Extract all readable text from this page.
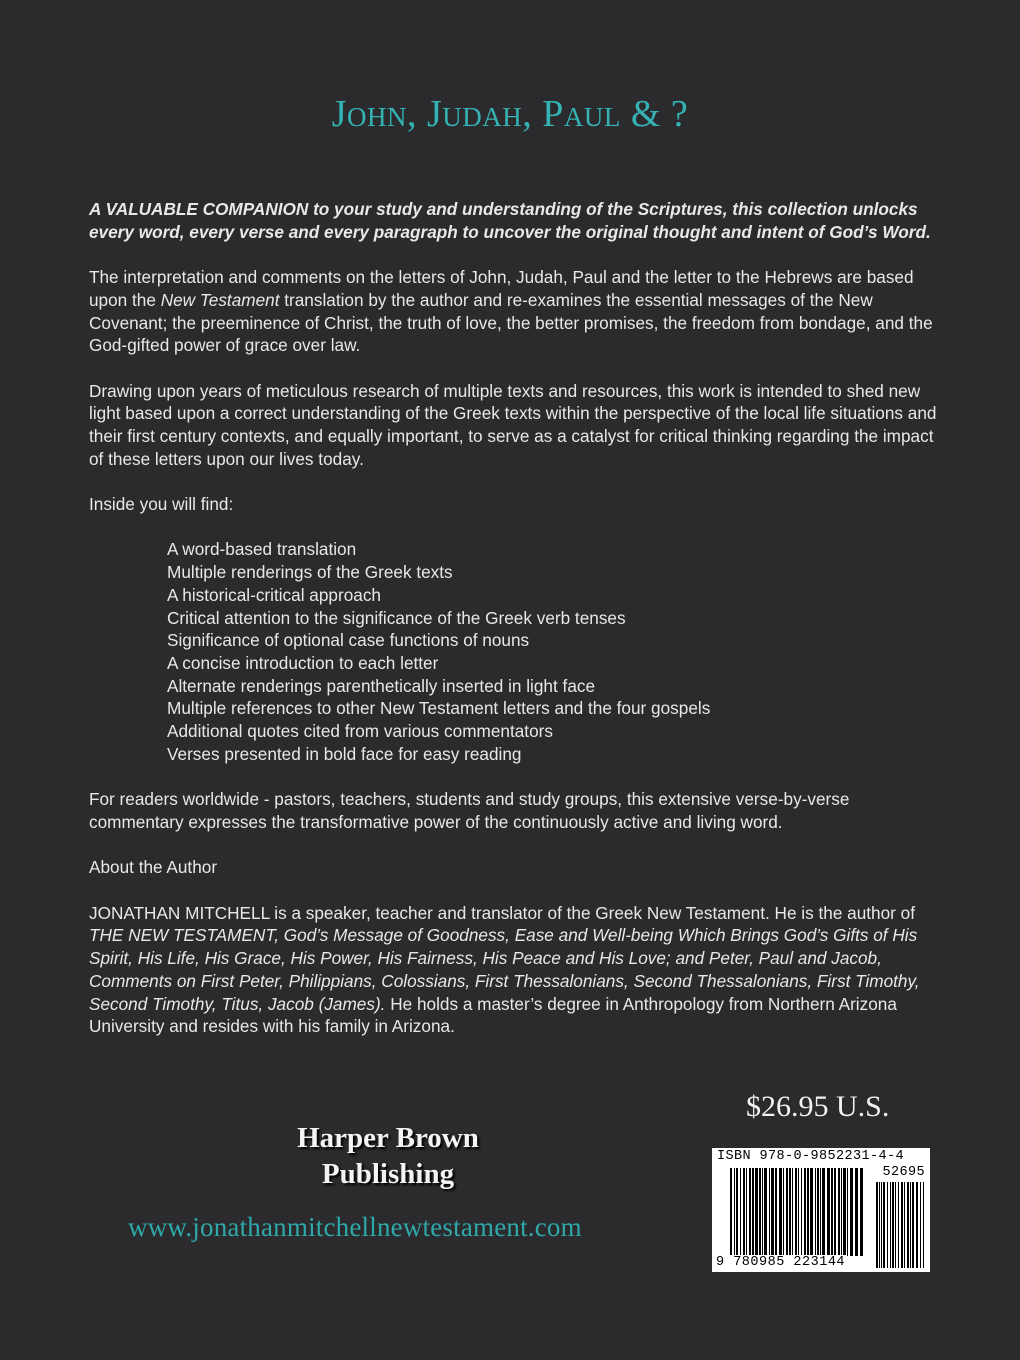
John, Judah, Paul & ?

A VALUABLE COMPANION to your study and understanding of the Scriptures, this collection unlocks every word, every verse and every paragraph to uncover the original thought and intent of God’s Word.

The interpretation and comments on the letters of John, Judah, Paul and the letter to the Hebrews are based upon the New Testament translation by the author and re-examines the essential messages of the New Covenant; the preeminence of Christ, the truth of love, the better promises, the freedom from bondage, and the God-gifted power of grace over law.

Drawing upon years of meticulous research of multiple texts and resources, this work is intended to shed new light based upon a correct understanding of the Greek texts within the perspective of the local life situations and their first century contexts, and equally important, to serve as a catalyst for critical thinking regarding the impact of these letters upon our lives today.

Inside you will find:

A word-based translation
Multiple renderings of the Greek texts
A historical-critical approach
Critical attention to the significance of the Greek verb tenses
Significance of optional case functions of nouns
A concise introduction to each letter
Alternate renderings parenthetically inserted in light face
Multiple references to other New Testament letters and the four gospels
Additional quotes cited from various commentators
Verses presented in bold face for easy reading

For readers worldwide - pastors, teachers, students and study groups, this extensive verse-by-verse commentary expresses the transformative power of the continuously active and living word.

About the Author

JONATHAN MITCHELL is a speaker, teacher and translator of the Greek New Testament. He is the author of THE NEW TESTAMENT, God’s Message of Goodness, Ease and Well-being Which Brings God’s Gifts of His Spirit, His Life, His Grace, His Power, His Fairness, His Peace and His Love; and Peter, Paul and Jacob, Comments on First Peter, Philippians, Colossians, First Thessalonians, Second Thessalonians, First Timothy, Second Timothy, Titus, Jacob (James). He holds a master’s degree in Anthropology from Northern Arizona University and resides with his family in Arizona.

$26.95 U.S.
Harper Brown
Publishing
www.jonathanmitchellnewtestament.com
ISBN 978-0-9852231-4-4
52695
9 780985 223144
